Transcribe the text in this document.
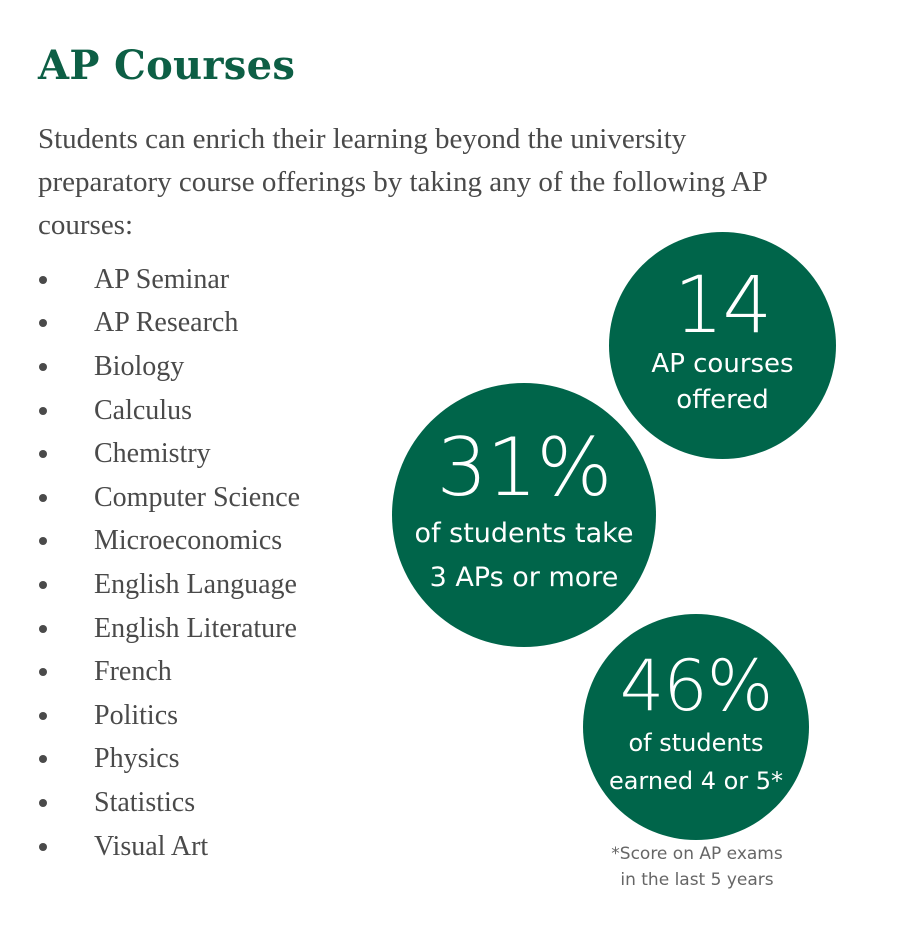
AP Courses

Students can enrich their learning beyond the university preparatory course offerings by taking any of the following AP courses:

AP Seminar
AP Research
Biology
Calculus
Chemistry
Computer Science
Microeconomics
English Language
English Literature
French
Politics
Physics
Statistics
Visual Art
14
AP courses
offered
31%
of students take
3 APs or more
46%
of students
earned 4 or 5*

*Score on AP exams
in the last 5 years
